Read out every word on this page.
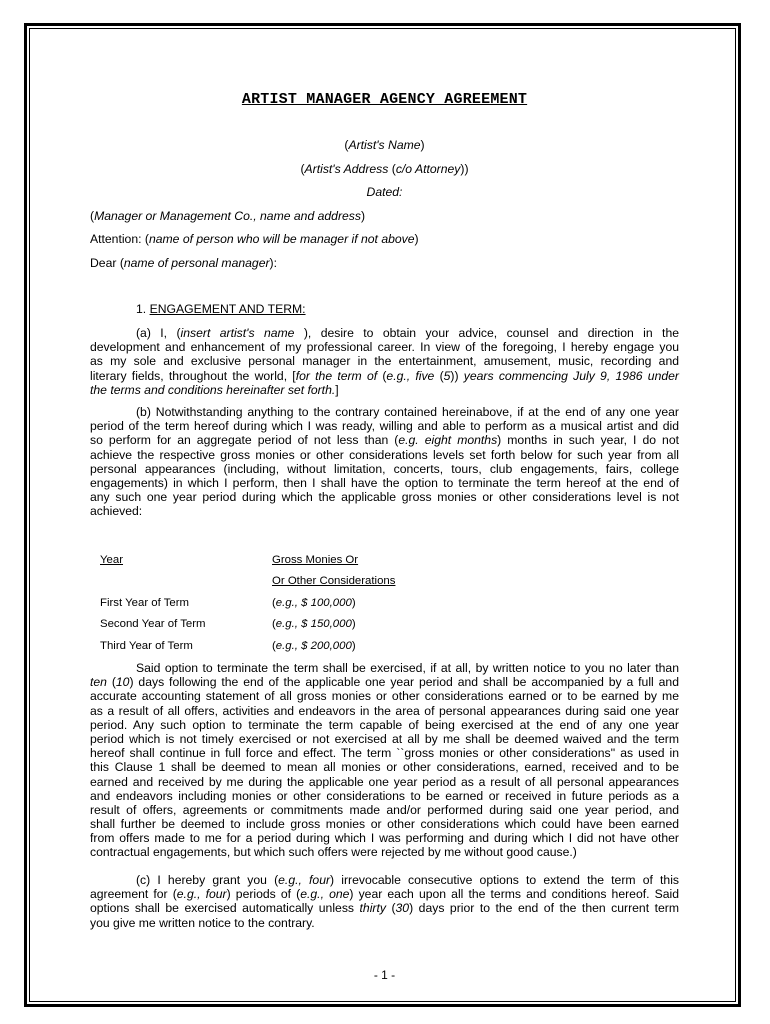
ARTIST MANAGER AGENCY AGREEMENT
(Artist's Name)
(Artist's Address (c/o Attorney))
Dated:
(Manager or Management Co., name and address)
Attention: (name of person who will be manager if not above)
Dear (name of personal manager):
1. ENGAGEMENT AND TERM:
(a) I, (insert artist's name ), desire to obtain your advice, counsel and direction in the
development and enhancement of my professional career. In view of the foregoing, I hereby engage you
as my sole and exclusive personal manager in the entertainment, amusement, music, recording and
literary fields, throughout the world, [for the term of (e.g., five (5)) years commencing July 9, 1986 under
the terms and conditions hereinafter set forth.]
(b) Notwithstanding anything to the contrary contained hereinabove, if at the end of any one year
period of the term hereof during which I was ready, willing and able to perform as a musical artist and did
so perform for an aggregate period of not less than (e.g. eight months) months in such year, I do not
achieve the respective gross monies or other considerations levels set forth below for such year from all
personal appearances (including, without limitation, concerts, tours, club engagements, fairs, college
engagements) in which I perform, then I shall have the option to terminate the term hereof at the end of
any such one year period during which the applicable gross monies or other considerations level is not
achieved:
Year	Gross Monies Or
Or Other Considerations
First Year of Term	(e.g., $ 100,000)
Second Year of Term	(e.g., $ 150,000)
Third Year of Term	(e.g., $ 200,000)
Said option to terminate the term shall be exercised, if at all, by written notice to you no later than
ten (10) days following the end of the applicable one year period and shall be accompanied by a full and
accurate accounting statement of all gross monies or other considerations earned or to be earned by me
as a result of all offers, activities and endeavors in the area of personal appearances during said one year
period. Any such option to terminate the term capable of being exercised at the end of any one year
period which is not timely exercised or not exercised at all by me shall be deemed waived and the term
hereof shall continue in full force and effect. The term ``gross monies or other considerations'' as used in
this Clause 1 shall be deemed to mean all monies or other considerations, earned, received and to be
earned and received by me during the applicable one year period as a result of all personal appearances
and endeavors including monies or other considerations to be earned or received in future periods as a
result of offers, agreements or commitments made and/or performed during said one year period, and
shall further be deemed to include gross monies or other considerations which could have been earned
from offers made to me for a period during which I was performing and during which I did not have other
contractual engagements, but which such offers were rejected by me without good cause.)
(c) I hereby grant you (e.g., four) irrevocable consecutive options to extend the term of this
agreement for (e.g., four) periods of (e.g., one) year each upon all the terms and conditions hereof. Said
options shall be exercised automatically unless thirty (30) days prior to the end of the then current term
you give me written notice to the contrary.
- 1 -
